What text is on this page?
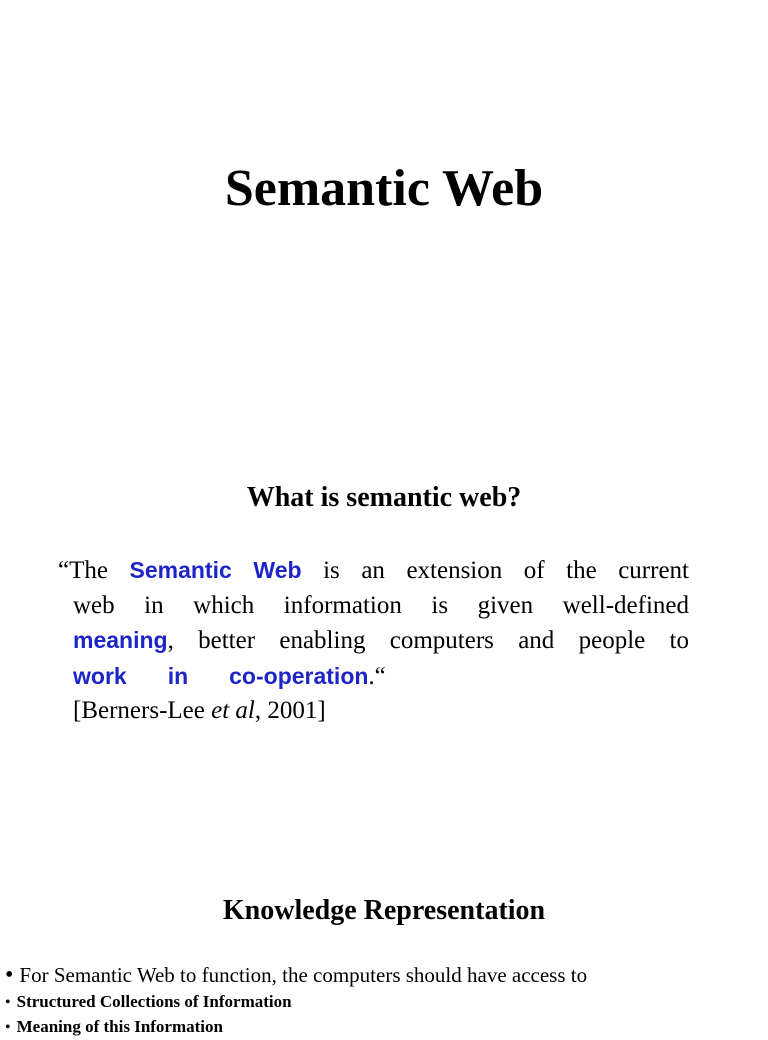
Semantic Web
What is semantic web?
“The Semantic Web is an extension of the current
web in which information is given well-defined
meaning, better enabling computers and people to
work in co-operation.“
[Berners-Lee et al, 2001]
Knowledge Representation
• For Semantic Web to function, the computers should have access to
• Structured Collections of Information
• Meaning of this Information
